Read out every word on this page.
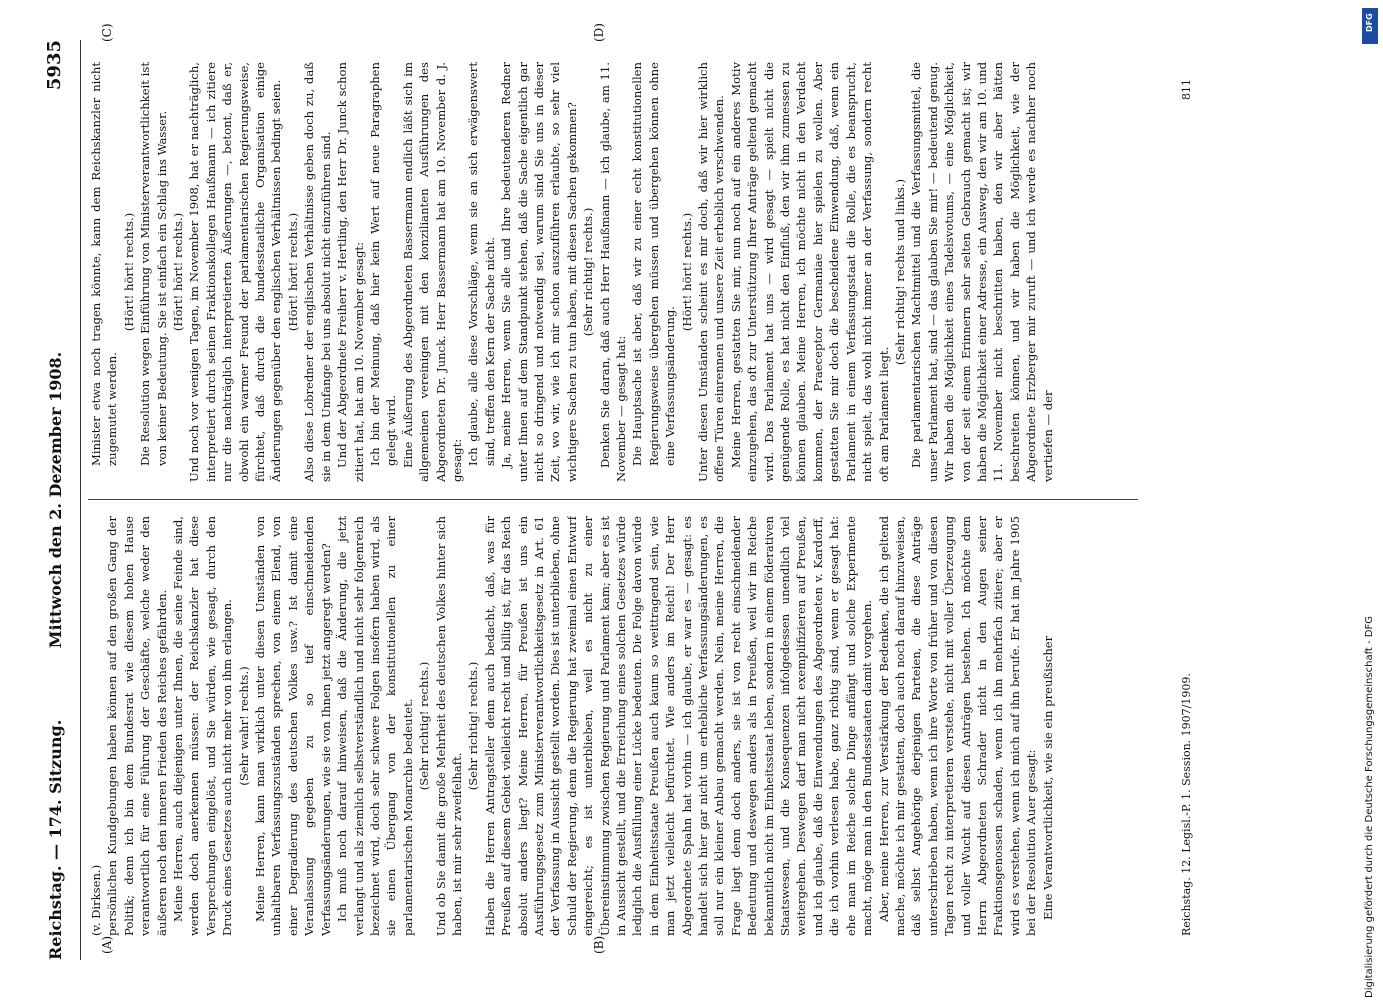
Reichstag. — 174. Sitzung.
Mittwoch den 2. Dezember 1908.
5935
(A)	(B)
(C)	(D)

(v. Dirksen.) persönlichen Kundgebungen haben können auf den großen Gang der Politik; denn ich bin dem Bundesrat wie diesem hohen Hause verantwortlich für eine Führung der Geschäfte, welche weder den äußeren noch den inneren Frieden des Reiches gefährden. Meine Herren, auch diejenigen unter Ihnen, die seine Feinde sind, werden doch anerkennen müssen: der Reichskanzler hat diese Versprechungen eingelöst, und Sie würden, wie gesagt, durch den Druck eines Gesetzes auch nicht mehr von ihm erlangen. (Sehr wahr! rechts.) Meine Herren, kann man wirklich unter diesen Umständen von unhaltbaren Verfassungszuständen sprechen, von einem Elend, von einer Degradierung des deutschen Volkes usw.? Ist damit eine Veranlassung gegeben zu so tief einschneidenden Verfassungsänderungen, wie sie von Ihnen jetzt angeregt werden? Ich muß noch darauf hinweisen, daß die Änderung, die jetzt verlangt und als ziemlich selbstverständlich und nicht sehr folgenreich bezeichnet wird, doch sehr schwere Folgen insofern haben wird, als sie einen Übergang von der konstitutionellen zu einer parlamentarischen Monarchie bedeutet. (Sehr richtig! rechts.) Und ob Sie damit die große Mehrheit des deutschen Volkes hinter sich haben, ist mir sehr zweifelhaft.

(Sehr richtig! rechts.) Haben die Herren Antragsteller denn auch bedacht, daß, was für Preußen auf diesem Gebiet vielleicht recht und billig ist, für das Reich absolut anders liegt? Meine Herren, für Preußen ist uns ein Ausführungsgesetz zum Ministerverantwortlichkeitsgesetz in Art. 61 der Verfassung in Aussicht gestellt worden. Dies ist unterblieben, ohne Schuld der Regierung, denn die Regierung hat zweimal einen Entwurf eingereicht; es ist unterblieben, weil es nicht zu einer Übereinstimmung zwischen Regierung und Parlament kam; aber es ist in Aussicht gestellt, und die Erreichung eines solchen Gesetzes würde lediglich die Ausfüllung einer Lücke bedeuten. Die Folge davon würde in dem Einheitsstaate Preußen auch kaum so weittragend sein, wie man jetzt vielleicht befürchtet. Wie anders im Reich! Der Herr Abgeordnete Spahn hat vorhin — ich glaube, er war es — gesagt: es handelt sich hier gar nicht um erhebliche Verfassungsänderungen, es soll nur ein kleiner Anbau gemacht werden. Nein, meine Herren, die Frage liegt denn doch anders, sie ist von recht einschneidender Bedeutung und deswegen anders als in Preußen, weil wir im Reiche bekanntlich nicht im Einheitsstaat leben, sondern in einem föderativen Staatswesen, und die Konsequenzen infolgedessen unendlich viel weitergehen. Deswegen darf man nicht exemplifizieren auf Preußen, und ich glaube, daß die Einwendungen des Abgeordneten v. Kardorff, die ich vorhin verlesen habe, ganz richtig sind, wenn er gesagt hat: ehe man im Reiche solche Dinge anfängt und solche Experimente macht, möge man in den Bundesstaaten damit vorgehen. Aber, meine Herren, zur Verstärkung der Bedenken, die ich geltend mache, möchte ich mir gestatten, doch auch noch darauf hinzuweisen, daß selbst Angehörige derjenigen Parteien, die diese Anträge unterschrieben haben, wenn ich ihre Worte von früher und von diesen Tagen recht zu interpretieren verstehe, nicht mit voller Überzeugung und voller Wucht auf diesen Anträgen bestehen. Ich möchte dem Herrn Abgeordneten Schrader nicht in den Augen seiner Fraktionsgenossen schaden, wenn ich ihn mehrfach zitiere; aber er wird es verstehen, wenn ich mich auf ihn berufe. Er hat im Jahre 1905 bei der Resolution Auer gesagt: Eine Verantwortlichkeit, wie sie ein preußischer

Minister etwa noch tragen könnte, kann dem Reichskanzler nicht zugemutet werden.

(Hört! hört! rechts.) Die Resolution wegen Einführung von Ministerverantwortlichkeit ist von keiner Bedeutung. Sie ist einfach ein Schlag ins Wasser. (Hört! hört! rechts.) Und noch vor wenigen Tagen, im November 1908, hat er nachträglich, interpretiert durch seinen Fraktionskollegen Haußmann — ich zitiere nur die nachträglich interpretierten Äußerungen —, betont, daß er, obwohl ein warmer Freund der parlamentarischen Regierungsweise, fürchtet, daß durch die bundesstaatliche Organisation einige Änderungen gegenüber den englischen Verhältnissen bedingt seien. (Hört! hört! rechts.) Also diese Lobredner der englischen Verhältnisse geben doch zu, daß sie in dem Umfange bei uns absolut nicht einzuführen sind. Und der Abgeordnete Freiherr v. Hertling, den Herr Dr. Junck schon zitiert hat, hat am 10. November gesagt: Ich bin der Meinung, daß hier kein Wert auf neue Paragraphen gelegt wird. Eine Äußerung des Abgeordneten Bassermann endlich läßt sich im allgemeinen vereinigen mit den konzilianten Ausführungen des Abgeordneten Dr. Junck. Herr Bassermann hat am 10. November d. J. gesagt: Ich glaube, alle diese Vorschläge, wenn sie an sich erwägenswert sind, treffen den Kern der Sache nicht. Ja, meine Herren, wenn Sie alle und Ihre bedeutenderen Redner unter Ihnen auf dem Standpunkt stehen, daß die Sache eigentlich gar nicht so dringend und notwendig sei, warum sind Sie uns in dieser Zeit, wo wir, wie ich mir schon auszuführen erlaubte, so sehr viel wichtigere Sachen zu tun haben, mit diesen Sachen gekommen? (Sehr richtig! rechts.) Denken Sie daran, daß auch Herr Haußmann — ich glaube, am 11. November — gesagt hat: Die Hauptsache ist aber, daß wir zu einer echt konstitutionellen Regierungsweise übergehen müssen und übergehen können ohne eine Verfassungsänderung.

(Hört! hört! rechts.) Unter diesen Umständen scheint es mir doch, daß wir hier wirklich offene Türen einrennen und unsere Zeit erheblich verschwenden. Meine Herren, gestatten Sie mir, nun noch auf ein anderes Motiv einzugehen, das oft zur Unterstützung Ihrer Anträge geltend gemacht wird. Das Parlament hat uns — wird gesagt — spielt nicht die genügende Rolle, es hat nicht den Einfluß, den wir ihm zumessen zu können glauben. Meine Herren, ich möchte nicht in den Verdacht kommen, der Praeceptor Germaniae hier spielen zu wollen. Aber gestatten Sie mir doch die bescheidene Einwendung, daß, wenn ein Parlament in einem Verfassungsstaat die Rolle, die es beansprucht, nicht spielt, das wohl nicht immer an der Verfassung, sondern recht oft am Parlament liegt.

(Sehr richtig! rechts und links.) Die parlamentarischen Machtmittel und die Verfassungsmittel, die unser Parlament hat, sind — das glauben Sie mir! — bedeutend genug. Wir haben die Möglichkeit eines Tadelsvotums, — eine Möglichkeit, von der seit einem Erinnern sehr selten Gebrauch gemacht ist; wir haben die Möglichkeit einer Adresse, ein Ausweg, den wir am 10. und 11. November nicht beschritten haben, den wir aber hätten beschreiten können, und wir haben die Möglichkeit, wie der Abgeordnete Erzberger mir zuruft — und ich werde es nachher noch vertiefen — der

Reichstag. 12. Legisl.-P. 1. Session. 1907/1909.
811
DFG
Digitalisierung gefördert durch die Deutsche Forschungsgemeinschaft - DFG
